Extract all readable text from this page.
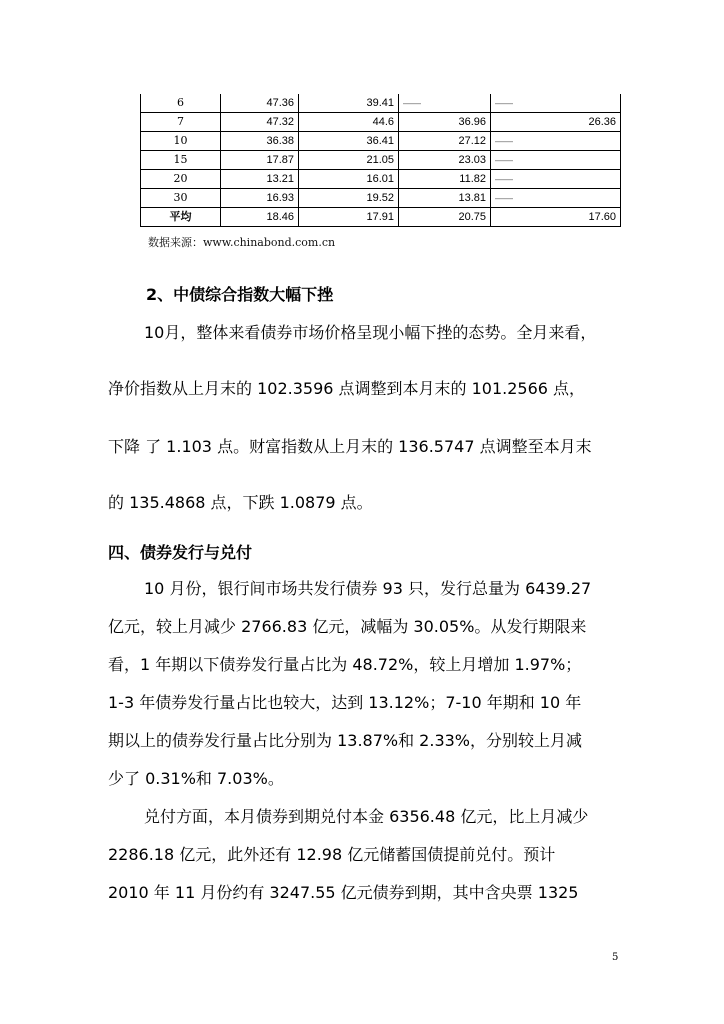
6	47.36	39.41	——	——
7	47.32	44.6	36.96	26.36
10	36.38	36.41	27.12	——
15	17.87	21.05	23.03	——
20	13.21	16.01	11.82	——
30	16.93	19.52	13.81	——
平均	18.46	17.91	20.75	17.60
数据来源：www.chinabond.com.cn
2、中债综合指数大幅下挫
10月，整体来看债券市场价格呈现小幅下挫的态势。全月来看，
净价指数从上月末的 102.3596 点调整到本月末的 101.2566 点，
下降 了 1.103 点。财富指数从上月末的 136.5747 点调整至本月末
的 135.4868 点，下跌 1.0879 点。
四、债券发行与兑付
10 月份，银行间市场共发行债券 93 只，发行总量为 6439.27
亿元，较上月减少 2766.83 亿元，减幅为 30.05%。从发行期限来
看，1 年期以下债券发行量占比为 48.72%，较上月增加 1.97%；
1-3 年债券发行量占比也较大，达到 13.12%；7-10 年期和 10 年
期以上的债券发行量占比分别为 13.87%和 2.33%，分别较上月减
少了 0.31%和 7.03%。
兑付方面，本月债券到期兑付本金 6356.48 亿元，比上月减少
2286.18 亿元，此外还有 12.98 亿元储蓄国债提前兑付。预计
2010 年 11 月份约有 3247.55 亿元债券到期，其中含央票 1325
5
